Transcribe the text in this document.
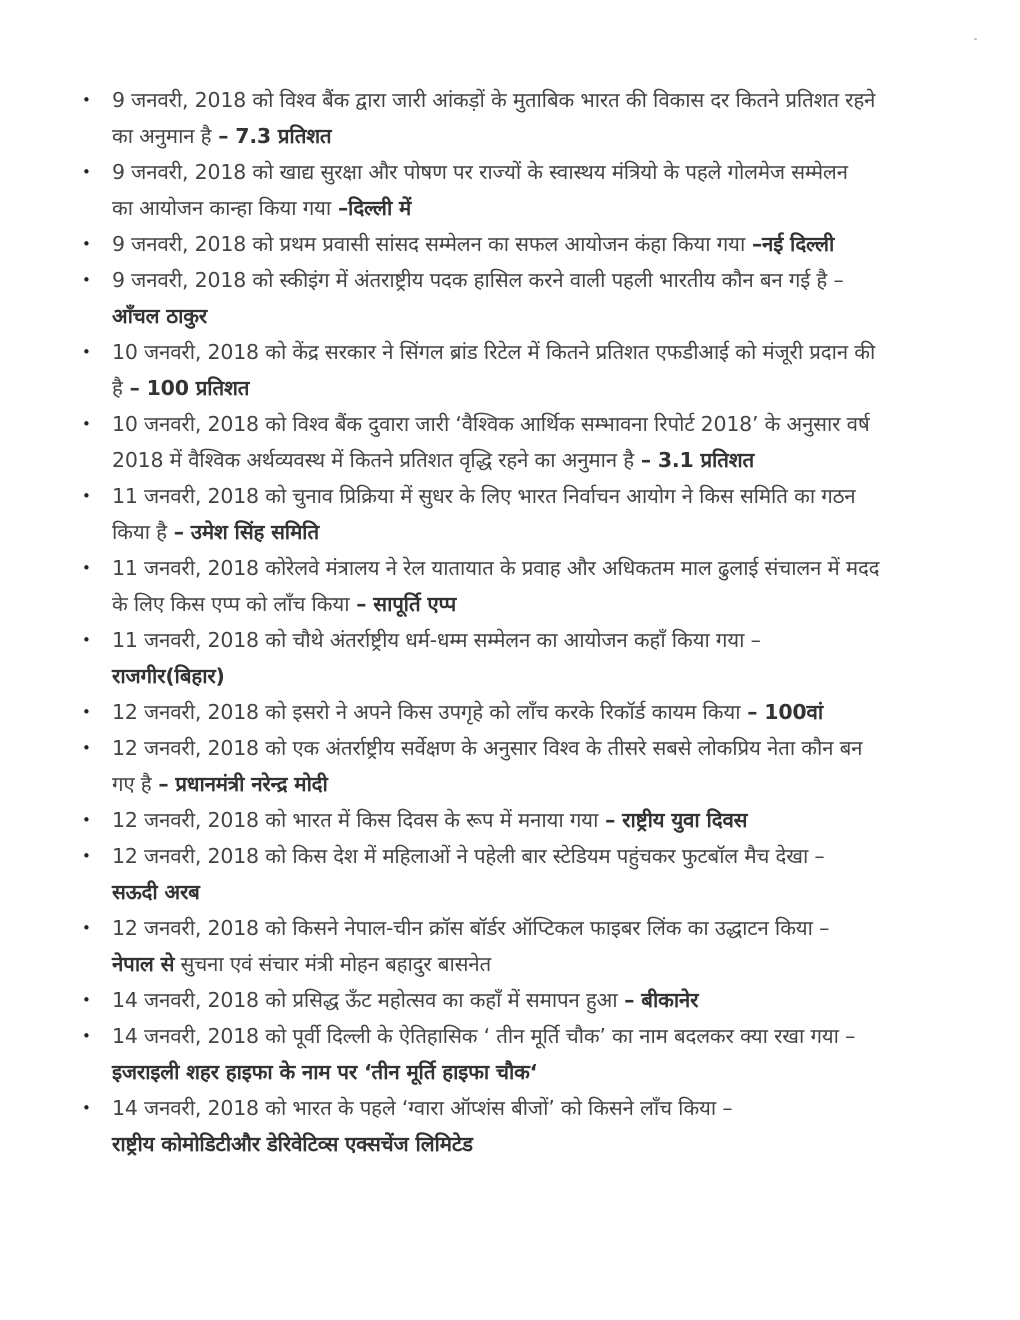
॰
• 9 जनवरी, 2018 को विश्व बैंक द्वारा जारी आंकड़ों के मुताबिक भारत की विकास दर कितने प्रतिशत रहने
का अनुमान है – 7.3 प्रतिशत
• 9 जनवरी, 2018 को खाद्य सुरक्षा और पोषण पर राज्यों के स्वास्थय मंत्रियो के पहले गोलमेज सम्मेलन
का आयोजन कान्हा किया गया –दिल्ली में
• 9 जनवरी, 2018 को प्रथम प्रवासी सांसद सम्मेलन का सफल आयोजन कंहा किया गया –नई दिल्ली
• 9 जनवरी, 2018 को स्कीइंग में अंतराष्ट्रीय पदक हासिल करने वाली पहली भारतीय कौन बन गई है –
आँचल ठाकुर
• 10 जनवरी, 2018 को केंद्र सरकार ने सिंगल ब्रांड रिटेल में कितने प्रतिशत एफडीआई को मंजूरी प्रदान की
है – 100 प्रतिशत
• 10 जनवरी, 2018 को विश्व बैंक दुवारा जारी ‘वैश्विक आर्थिक सम्भावना रिपोर्ट 2018’ के अनुसार वर्ष
2018 में वैश्विक अर्थव्यवस्थ में कितने प्रतिशत वृद्धि रहने का अनुमान है – 3.1 प्रतिशत
• 11 जनवरी, 2018 को चुनाव प्रिक्रिया में सुधर के लिए भारत निर्वाचन आयोग ने किस समिति का गठन
किया है – उमेश सिंह समिति
• 11 जनवरी, 2018 कोरेलवे मंत्रालय ने रेल यातायात के प्रवाह और अधिकतम माल ढुलाई संचालन में मदद
के लिए किस एप्प को लॉंच किया – सापूर्ति एप्प
• 11 जनवरी, 2018 को चौथे अंतर्राष्ट्रीय धर्म-धम्म सम्मेलन का आयोजन कहाँ किया गया –
राजगीर(बिहार)
• 12 जनवरी, 2018 को इसरो ने अपने किस उपगृहे को लॉंच करके रिकॉर्ड कायम किया – 100वां
• 12 जनवरी, 2018 को एक अंतर्राष्ट्रीय सर्वेक्षण के अनुसार विश्व के तीसरे सबसे लोकप्रिय नेता कौन बन
गए है – प्रधानमंत्री नरेन्द्र मोदी
• 12 जनवरी, 2018 को भारत में किस दिवस के रूप में मनाया गया – राष्ट्रीय युवा दिवस
• 12 जनवरी, 2018 को किस देश में महिलाओं ने पहेली बार स्टेडियम पहुंचकर फुटबॉल मैच देखा –
सऊदी अरब
• 12 जनवरी, 2018 को किसने नेपाल-चीन क्रॉस बॉर्डर ऑप्टिकल फाइबर लिंक का उद्धाटन किया –
नेपाल से सुचना एवं संचार मंत्री मोहन बहादुर बासनेत
• 14 जनवरी, 2018 को प्रसिद्ध ऊँट महोत्सव का कहाँ में समापन हुआ – बीकानेर
• 14 जनवरी, 2018 को पूर्वी दिल्ली के ऐतिहासिक ‘ तीन मूर्ति चौक’ का नाम बदलकर क्या रखा गया –
इजराइली शहर हाइफा के नाम पर ‘तीन मूर्ति हाइफा चौक‘
• 14 जनवरी, 2018 को भारत के पहले ‘ग्वारा ऑप्शंस बीजों’ को किसने लॉंच किया –
राष्ट्रीय कोमोडिटीऔर डेरिवेटिव्स एक्सचेंज लिमिटेड
